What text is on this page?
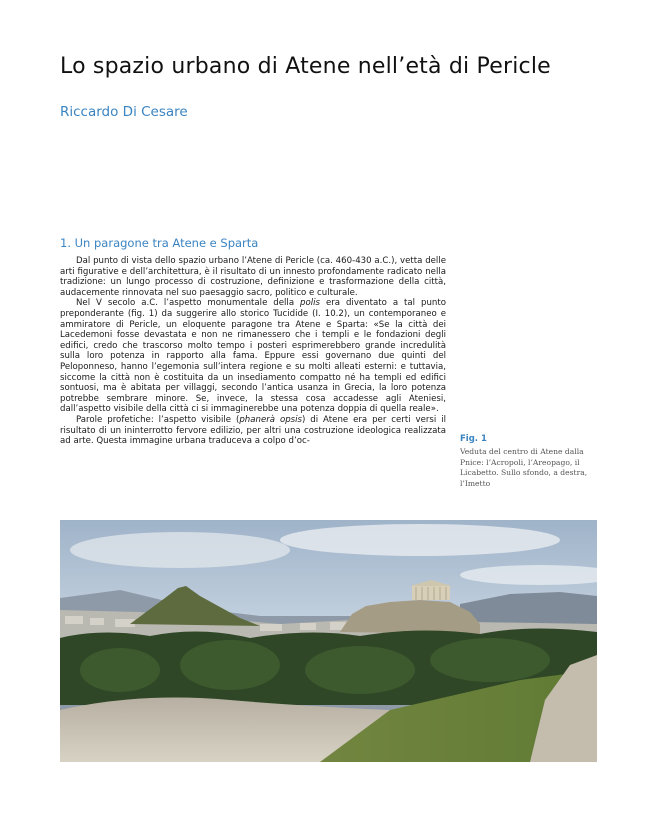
Lo spazio urbano di Atene nell’età di Pericle
Riccardo Di Cesare
1. Un paragone tra Atene e Sparta

Dal punto di vista dello spazio urbano l’Atene di Pericle (ca. 460-430 a.C.), vetta delle arti figurative e dell’architettura, è il risultato di un innesto profondamente radicato nella tradizione: un lungo processo di costruzione, definizione e trasformazione della città, audacemente rinnovata nel suo paesaggio sacro, politico e culturale.

Nel V secolo a.C. l’aspetto monumentale della polis era diventato a tal punto preponderante (fig. 1) da suggerire allo storico Tucidide (I. 10.2), un contemporaneo e ammiratore di Pericle, un eloquente paragone tra Atene e Sparta: «Se la città dei Lacedemoni fosse devastata e non ne rimanessero che i templi e le fondazioni degli edifici, credo che trascorso molto tempo i posteri esprimerebbero grande incredulità sulla loro potenza in rapporto alla fama. Eppure essi governano due quinti del Peloponneso, hanno l’egemonia sull’intera regione e su molti alleati esterni: e tuttavia, siccome la città non è costituita da un insediamento compatto né ha templi ed edifici sontuosi, ma è abitata per villaggi, secondo l’antica usanza in Grecia, la loro potenza potrebbe sembrare minore. Se, invece, la stessa cosa accadesse agli Ateniesi, dall’aspetto visibile della città ci si immaginerebbe una potenza doppia di quella reale».

Parole profetiche: l’aspetto visibile (phanerà opsis) di Atene era per certi versi il risultato di un ininterrotto fervore edilizio, per altri una costruzione ideologica realizzata ad arte. Questa immagine urbana traduceva a colpo d’oc-	Fig. 1
Veduta del centro di Atene dalla Pnice: l’Acropoli, l’Areopago, il Licabetto. Sullo sfondo, a destra, l’Imetto
